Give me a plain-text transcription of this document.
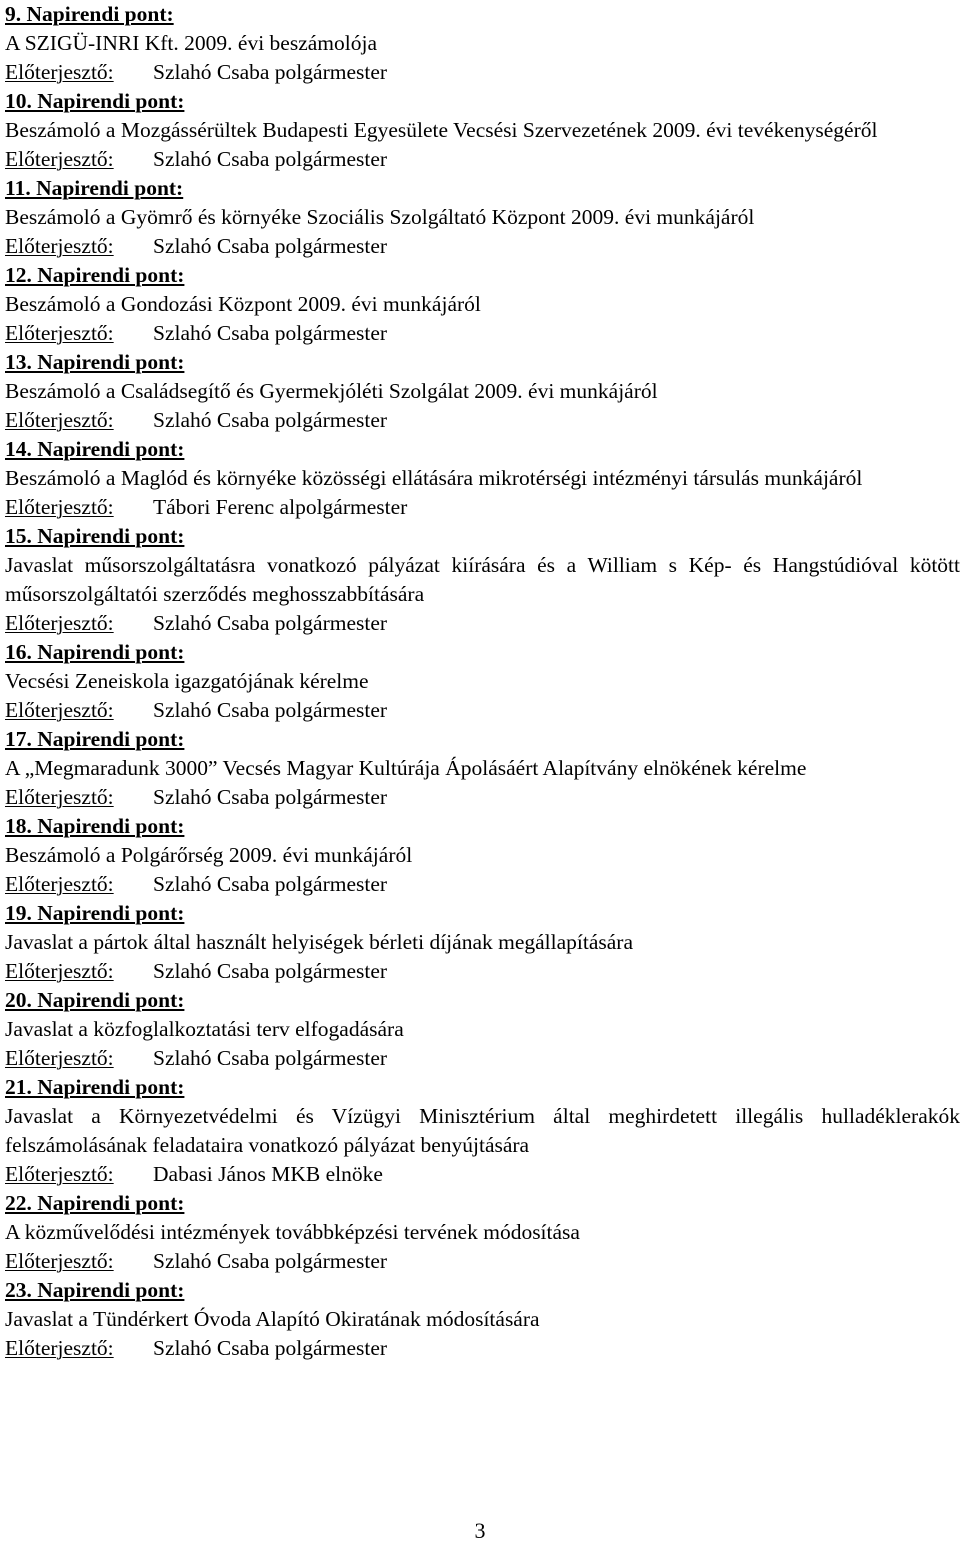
9. Napirendi pont:
A SZIGÜ-INRI Kft. 2009. évi beszámolója
Előterjesztő: Szlahó Csaba polgármester
10. Napirendi pont:
Beszámoló a Mozgássérültek Budapesti Egyesülete Vecsési Szervezetének 2009. évi tevékenységéről
Előterjesztő: Szlahó Csaba polgármester
11. Napirendi pont:
Beszámoló a Gyömrő és környéke Szociális Szolgáltató Központ 2009. évi munkájáról
Előterjesztő: Szlahó Csaba polgármester
12. Napirendi pont:
Beszámoló a Gondozási Központ 2009. évi munkájáról
Előterjesztő: Szlahó Csaba polgármester
13. Napirendi pont:
Beszámoló a Családsegítő és Gyermekjóléti Szolgálat 2009. évi munkájáról
Előterjesztő: Szlahó Csaba polgármester
14. Napirendi pont:
Beszámoló a Maglód és környéke közösségi ellátására mikrotérségi intézményi társulás munkájáról
Előterjesztő: Tábori Ferenc alpolgármester
15. Napirendi pont:
Javaslat műsorszolgáltatásra vonatkozó pályázat kiírására és a William s Kép- és Hangstúdióval kötött műsorszolgáltatói szerződés meghosszabbítására
Előterjesztő: Szlahó Csaba polgármester
16. Napirendi pont:
Vecsési Zeneiskola igazgatójának kérelme
Előterjesztő: Szlahó Csaba polgármester
17. Napirendi pont:
A „Megmaradunk 3000” Vecsés Magyar Kultúrája Ápolásáért Alapítvány elnökének kérelme
Előterjesztő: Szlahó Csaba polgármester
18. Napirendi pont:
Beszámoló a Polgárőrség 2009. évi munkájáról
Előterjesztő: Szlahó Csaba polgármester
19. Napirendi pont:
Javaslat a pártok által használt helyiségek bérleti díjának megállapítására
Előterjesztő: Szlahó Csaba polgármester
20. Napirendi pont:
Javaslat a közfoglalkoztatási terv elfogadására
Előterjesztő: Szlahó Csaba polgármester
21. Napirendi pont:
Javaslat a Környezetvédelmi és Vízügyi Minisztérium által meghirdetett illegális hulladéklerakók felszámolásának feladataira vonatkozó pályázat benyújtására
Előterjesztő: Dabasi János MKB elnöke
22. Napirendi pont:
A közművelődési intézmények továbbképzési tervének módosítása
Előterjesztő: Szlahó Csaba polgármester
23. Napirendi pont:
Javaslat a Tündérkert Óvoda Alapító Okiratának módosítására
Előterjesztő: Szlahó Csaba polgármester
3
